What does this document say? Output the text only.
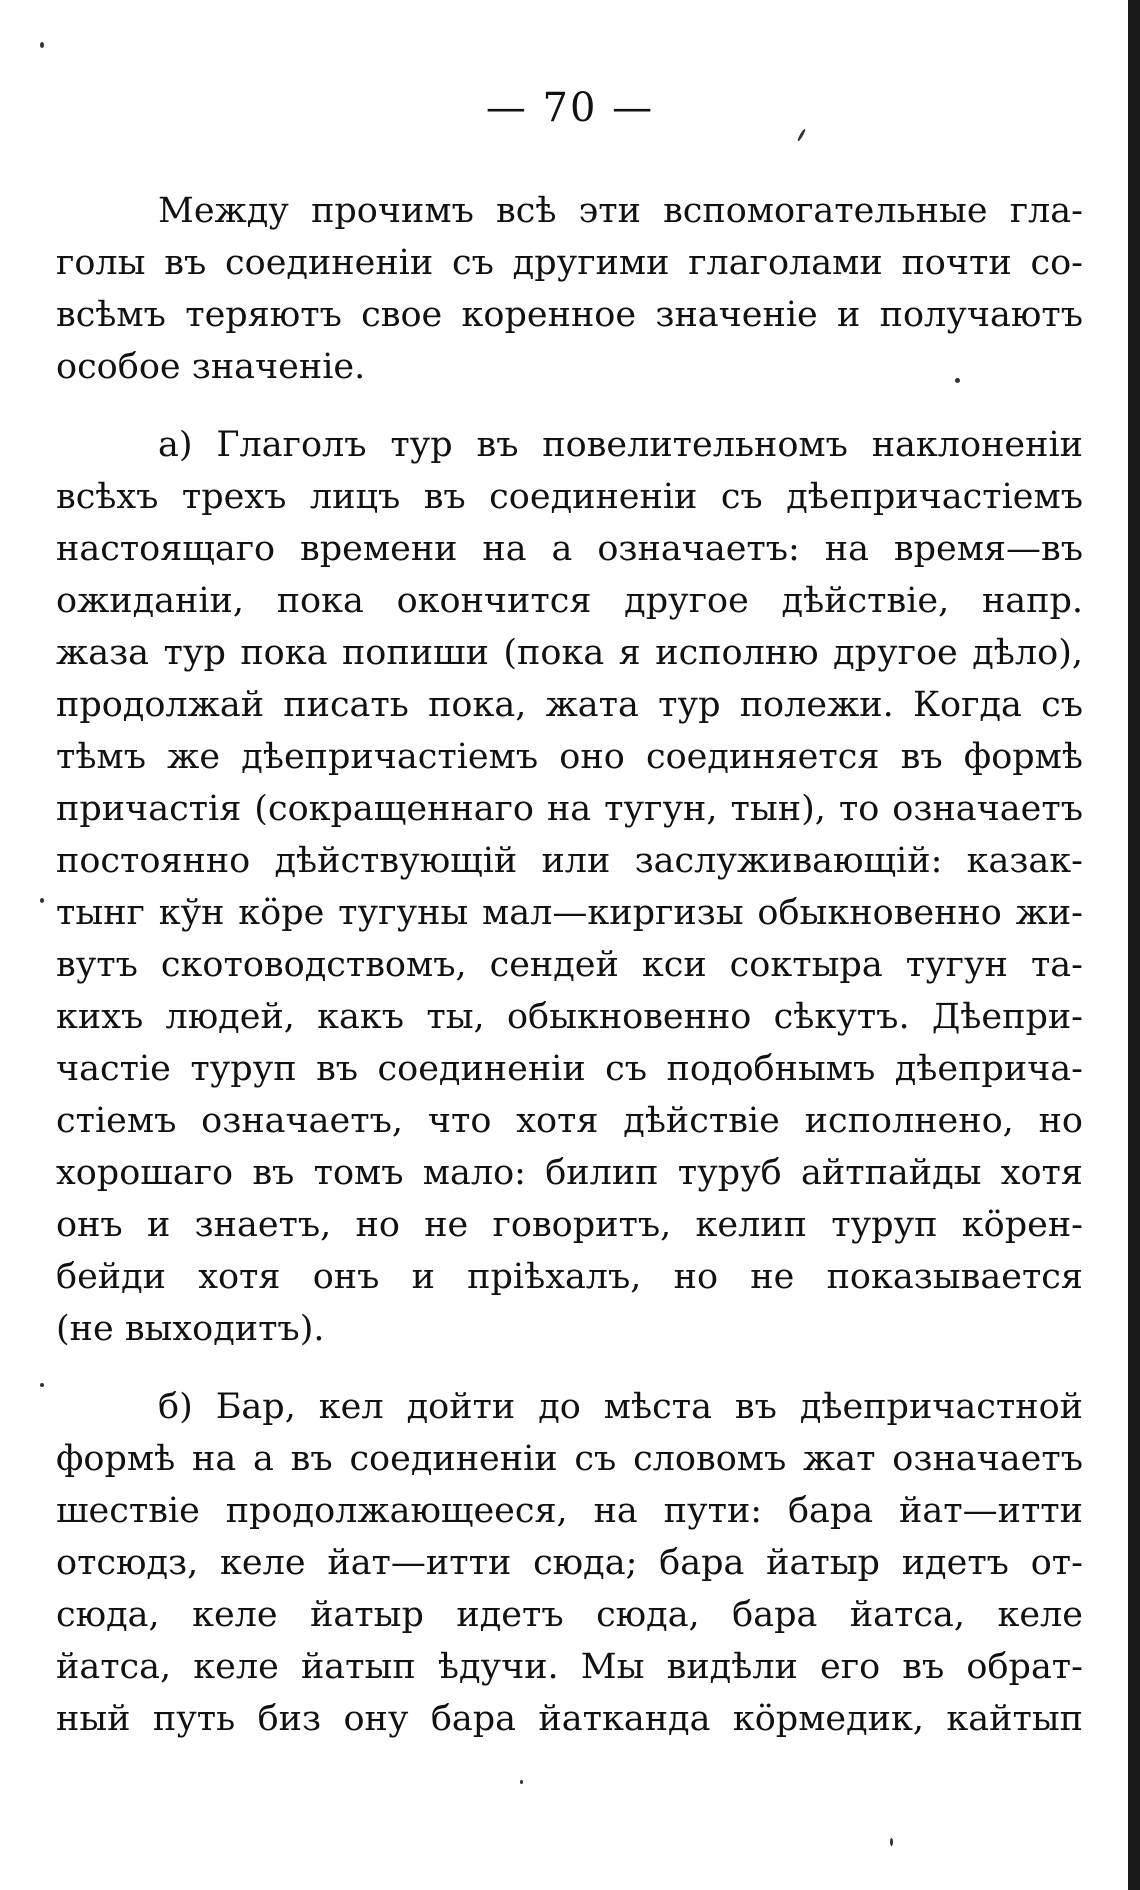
— 70 —
Между прочимъ всѣ эти вспомогательные гла-
голы въ соединеніи съ другими глаголами почти со-
всѣмъ теряютъ свое коренное значеніе и получаютъ
особое значеніе.
а) Глаголъ тур въ повелительномъ наклоненіи
всѣхъ трехъ лицъ въ соединеніи съ дѣепричастіемъ
настоящаго времени на а означаетъ: на время—въ
ожиданіи, пока окончится другое дѣйствіе, напр.
жаза тур пока попиши (пока я исполню другое дѣло),
продолжай писать пока, жата тур полежи. Когда съ
тѣмъ же дѣепричастіемъ оно соединяется въ формѣ
причастія (сокращеннаго на тугун, тын), то означаетъ
постоянно дѣйствующій или заслуживающій: казак-
тынг кўн кöре тугуны мал—киргизы обыкновенно жи-
вутъ скотоводствомъ, сендей кси соктыра тугун та-
кихъ людей, какъ ты, обыкновенно сѣкутъ. Дѣепри-
частіе туруп въ соединеніи съ подобнымъ дѣеприча-
стіемъ означаетъ, что хотя дѣйствіе исполнено, но
хорошаго въ томъ мало: билип туруб айтпайды хотя
онъ и знаетъ, но не говоритъ, келип туруп кöрен-
бейди хотя онъ и пріѣхалъ, но не показывается
(не выходитъ).
б) Бар, кел дойти до мѣста въ дѣепричастной
формѣ на а въ соединеніи съ словомъ жат означаетъ
шествіе продолжающееся, на пути: бара йат—итти
отсюдз, келе йат—итти сюда; бара йатыр идетъ от-
сюда, келе йатыр идетъ сюда, бара йатса, келе
йатса, келе йатып ѣдучи. Мы видѣли его въ обрат-
ный путь биз ону бара йатканда кöрмедик, кайтып
